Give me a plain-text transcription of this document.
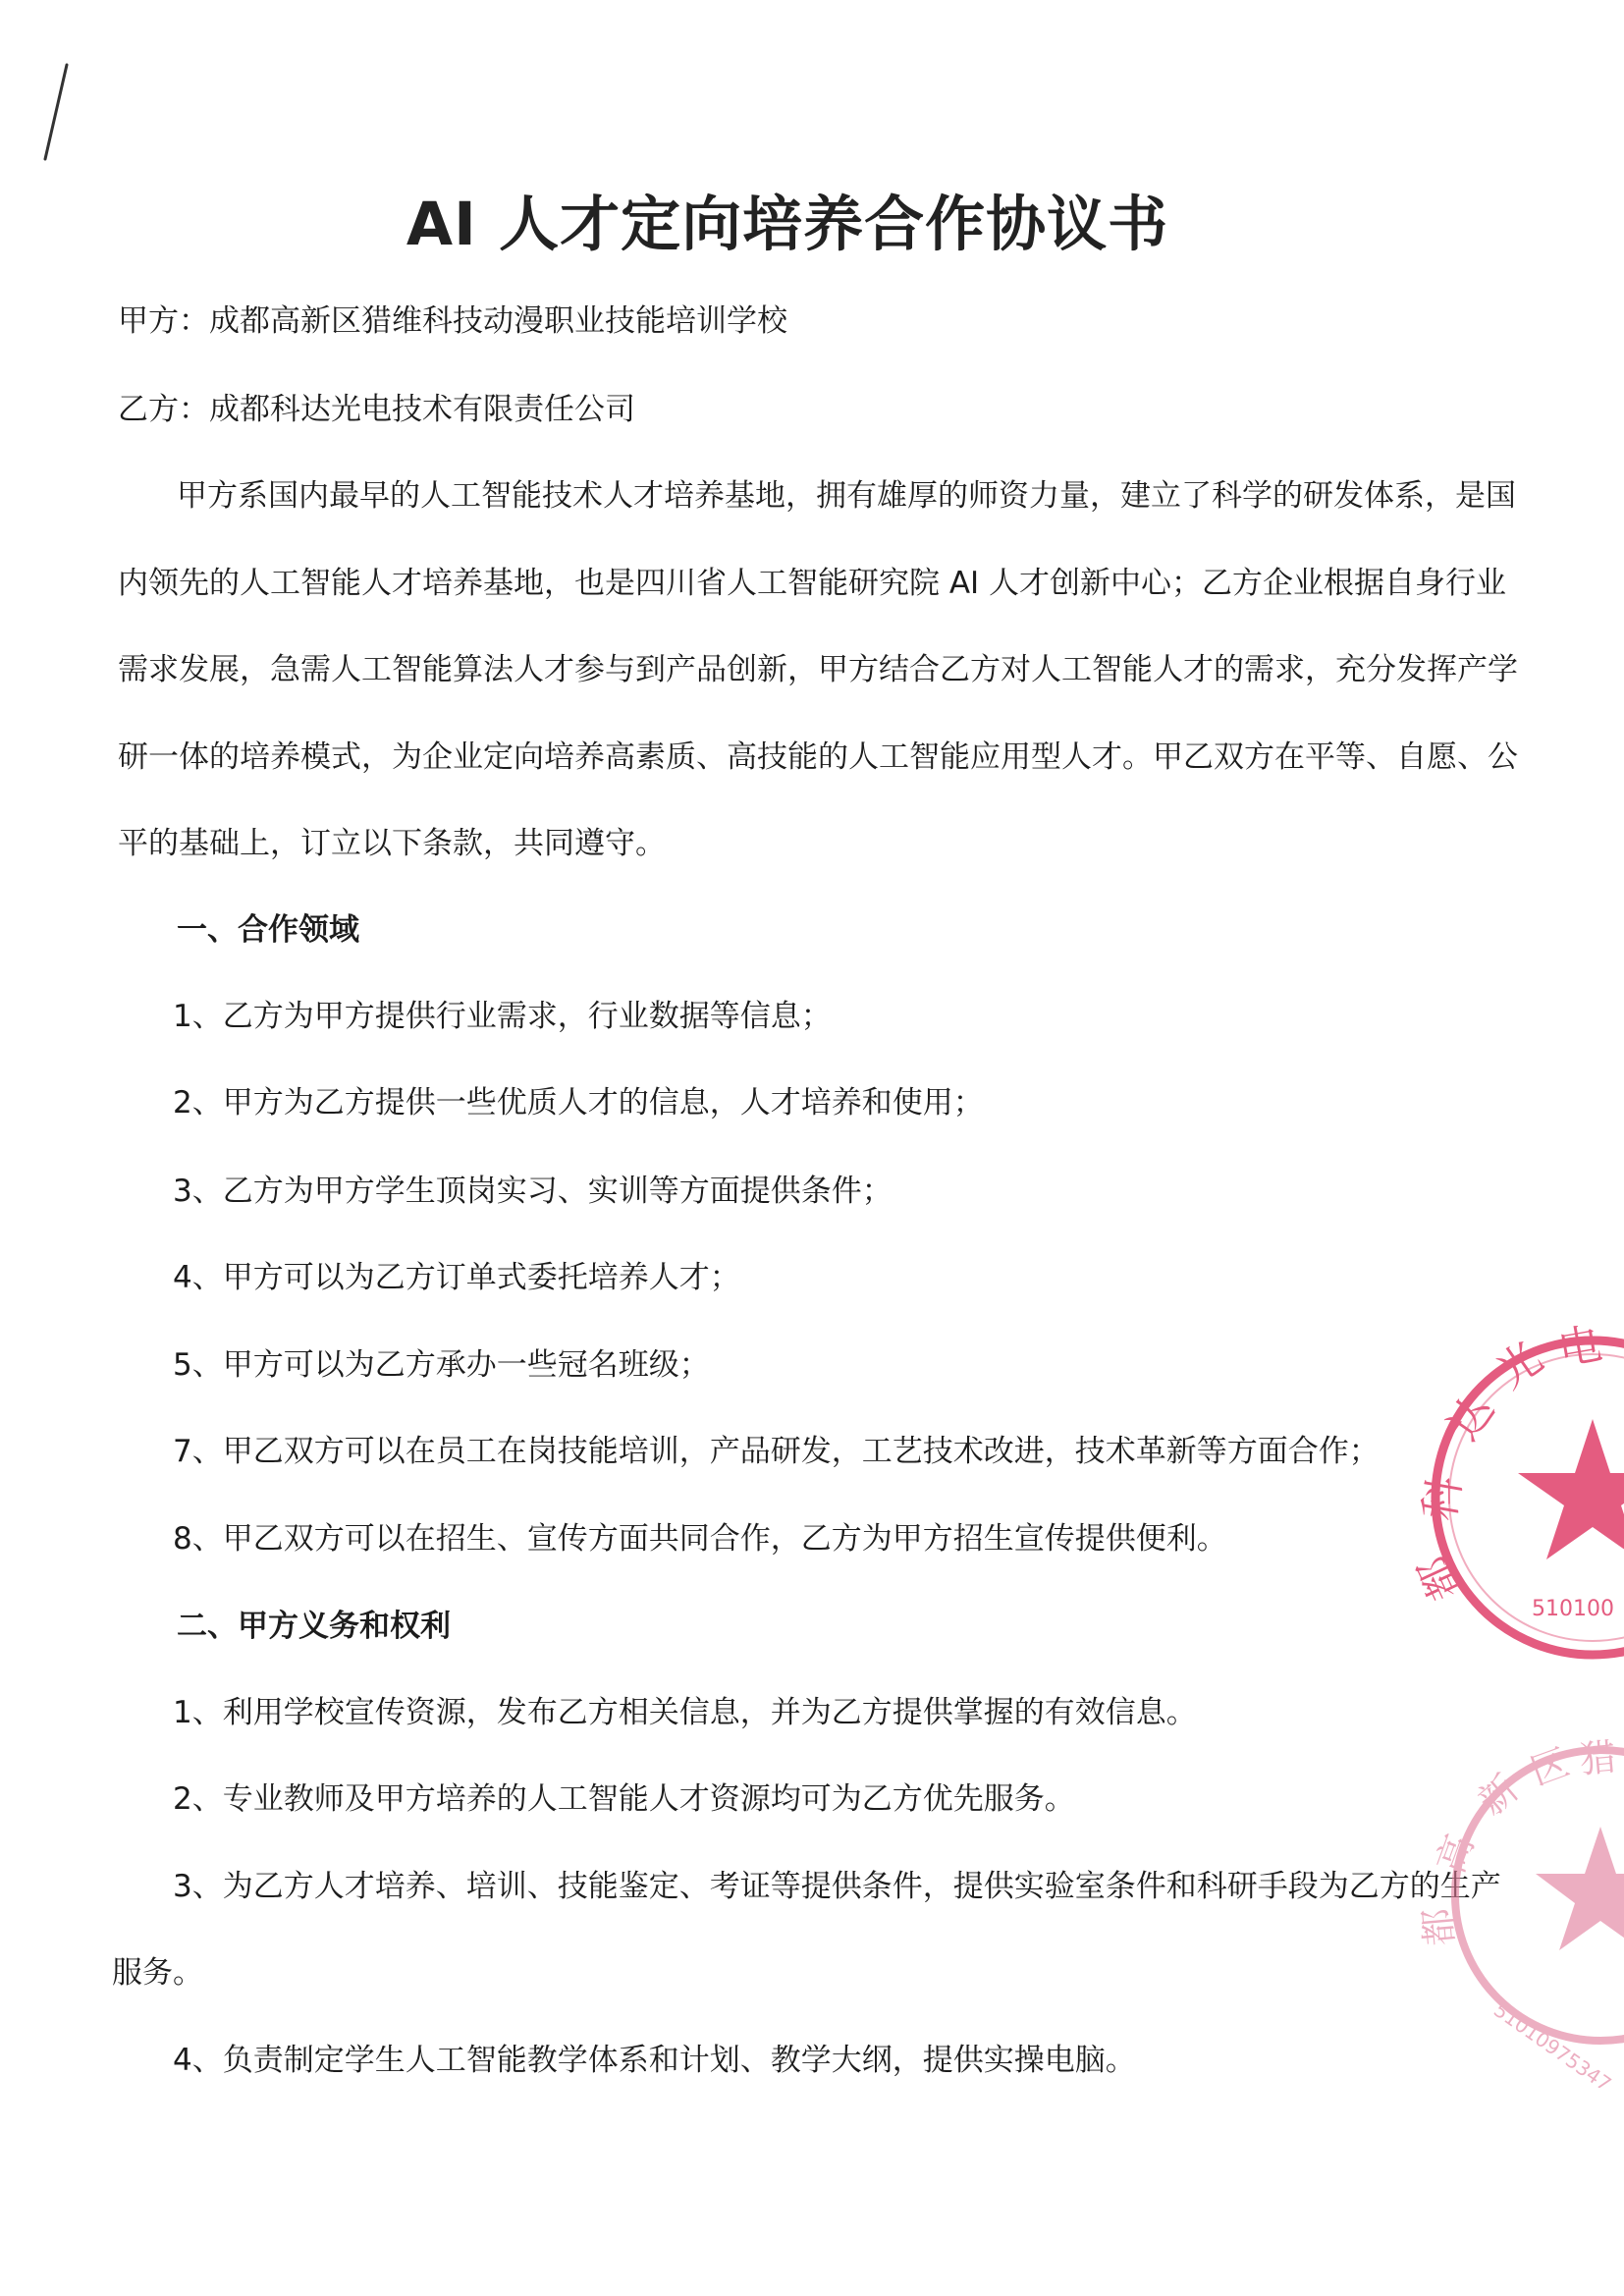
AI 人才定向培养合作协议书
甲方：成都高新区猎维科技动漫职业技能培训学校
乙方：成都科达光电技术有限责任公司
甲方系国内最早的人工智能技术人才培养基地，拥有雄厚的师资力量，建立了科学的研发体系，是国
内领先的人工智能人才培养基地，也是四川省人工智能研究院 AI 人才创新中心；乙方企业根据自身行业
需求发展，急需人工智能算法人才参与到产品创新，甲方结合乙方对人工智能人才的需求，充分发挥产学
研一体的培养模式，为企业定向培养高素质、高技能的人工智能应用型人才。甲乙双方在平等、自愿、公
平的基础上，订立以下条款，共同遵守。
一、合作领域
1、乙方为甲方提供行业需求，行业数据等信息；
2、甲方为乙方提供一些优质人才的信息，人才培养和使用；
3、乙方为甲方学生顶岗实习、实训等方面提供条件；
4、甲方可以为乙方订单式委托培养人才；
5、甲方可以为乙方承办一些冠名班级；
7、甲乙双方可以在员工在岗技能培训，产品研发，工艺技术改进，技术革新等方面合作；
8、甲乙双方可以在招生、宣传方面共同合作，乙方为甲方招生宣传提供便利。
二、甲方义务和权利
1、利用学校宣传资源，发布乙方相关信息，并为乙方提供掌握的有效信息。
2、专业教师及甲方培养的人工智能人才资源均可为乙方优先服务。
3、为乙方人才培养、培训、技能鉴定、考证等提供条件，提供实验室条件和科研手段为乙方的生产
服务。
4、负责制定学生人工智能教学体系和计划、教学大纲，提供实操电脑。
达
光 电
科
都
510100
新
区 猎
高
都
51010975347
